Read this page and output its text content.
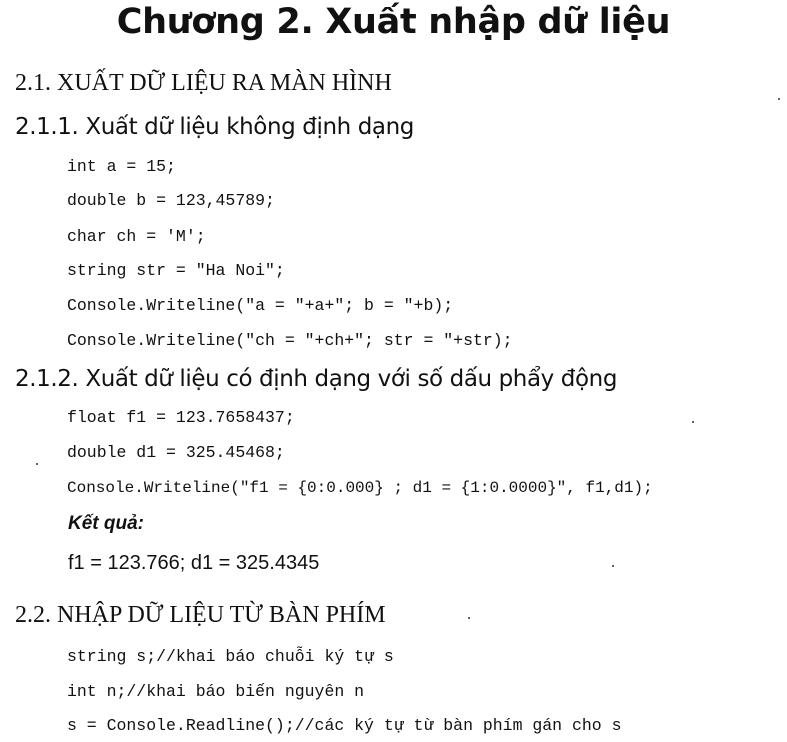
Chương 2. Xuất nhập dữ liệu
2.1. XUẤT DỮ LIỆU RA MÀN HÌNH
2.1.1. Xuất dữ liệu không định dạng
int a = 15;
double b = 123,45789;
char ch = 'M';
string str = "Ha Noi";
Console.Writeline("a = "+a+"; b = "+b);
Console.Writeline("ch = "+ch+"; str = "+str);
2.1.2. Xuất dữ liệu có định dạng với số dấu phẩy động
float f1 = 123.7658437;
double d1 = 325.45468;
Console.Writeline("f1 = {0:0.000} ; d1 = {1:0.0000}", f1,d1);
Kết quả:
f1 = 123.766; d1 = 325.4345
2.2. NHẬP DỮ LIỆU TỪ BÀN PHÍM
string s;//khai báo chuỗi ký tự s
int n;//khai báo biến nguyên n
s = Console.Readline();//các ký tự từ bàn phím gán cho s
